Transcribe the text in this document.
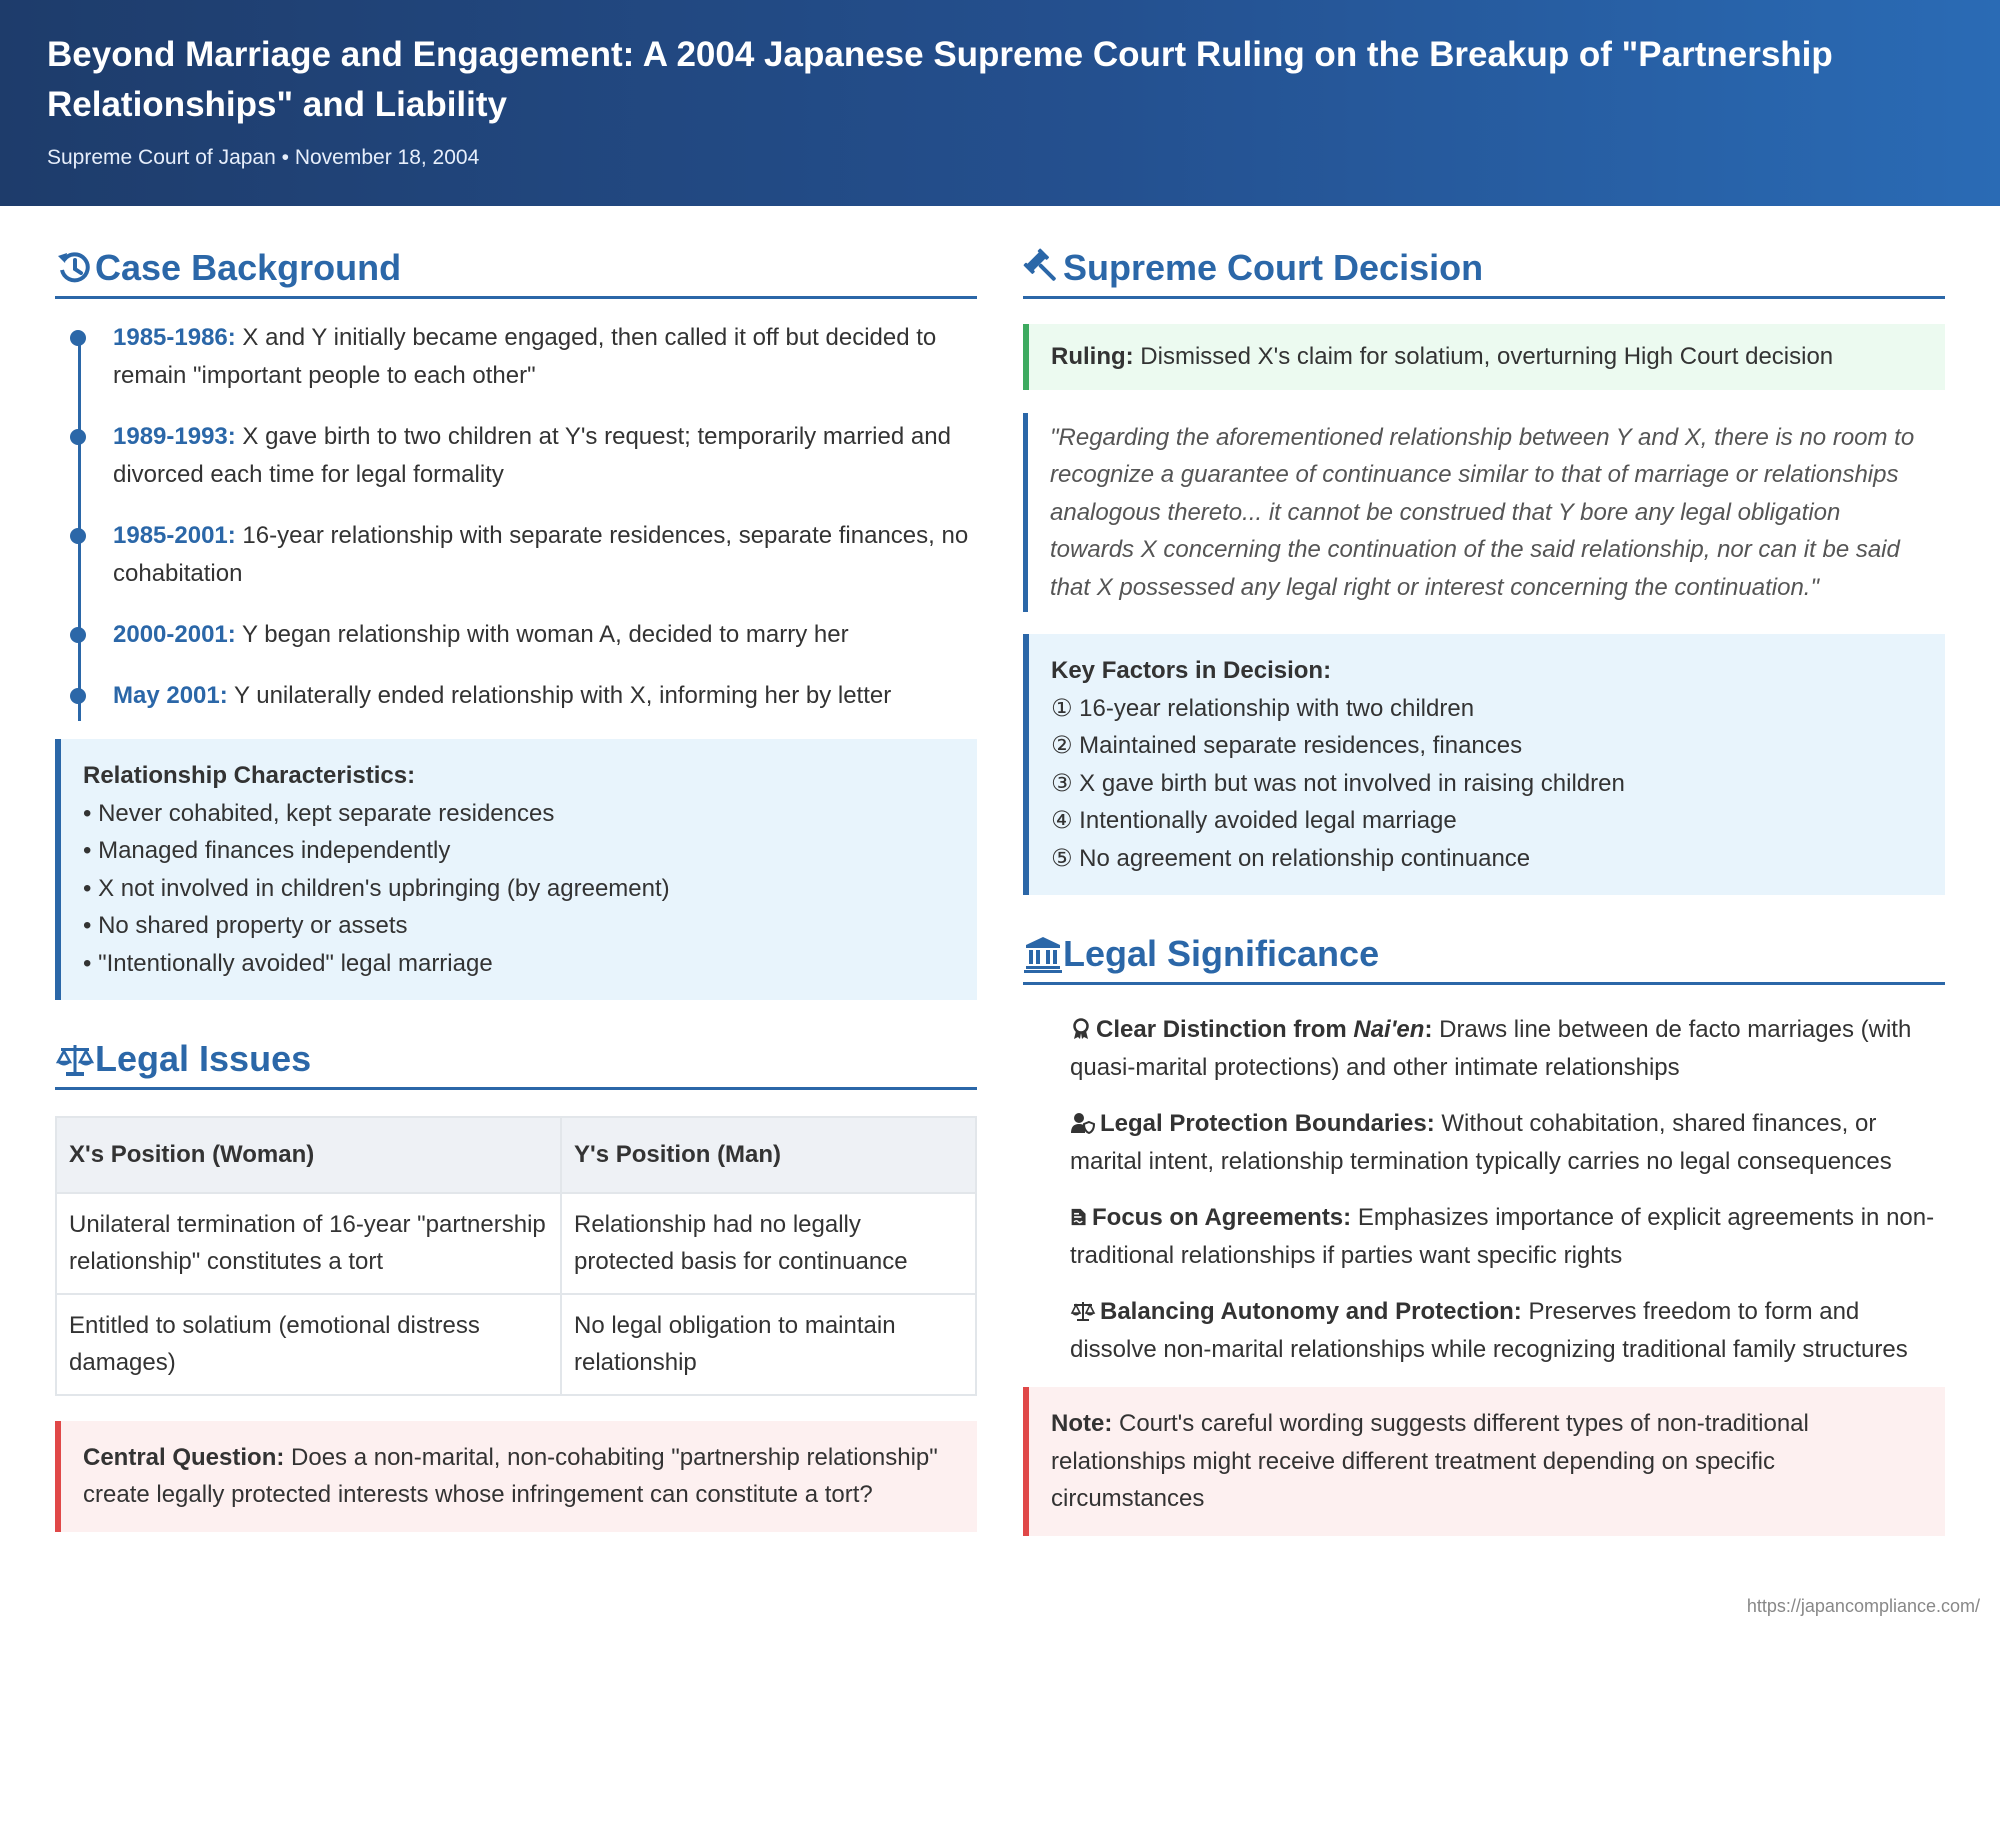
Beyond Marriage and Engagement: A 2004 Japanese Supreme Court Ruling on the Breakup of "Partnership Relationships" and Liability
Supreme Court of Japan • November 18, 2004
Case Background
1985-1986: X and Y initially became engaged, then called it off but decided to remain "important people to each other"
1989-1993: X gave birth to two children at Y's request; temporarily married and divorced each time for legal formality
1985-2001: 16-year relationship with separate residences, separate finances, no cohabitation
2000-2001: Y began relationship with woman A, decided to marry her
May 2001: Y unilaterally ended relationship with X, informing her by letter
Relationship Characteristics:
• Never cohabited, kept separate residences
• Managed finances independently
• X not involved in children's upbringing (by agreement)
• No shared property or assets
• "Intentionally avoided" legal marriage
Legal Issues
X's Position (Woman)	Y's Position (Man)
Unilateral termination of 16-year "partnership relationship" constitutes a tort	Relationship had no legally protected basis for continuance
Entitled to solatium (emotional distress damages)	No legal obligation to maintain relationship
Central Question: Does a non-marital, non-cohabiting "partnership relationship" create legally protected interests whose infringement can constitute a tort?
Supreme Court Decision
Ruling: Dismissed X's claim for solatium, overturning High Court decision
"Regarding the aforementioned relationship between Y and X, there is no room to recognize a guarantee of continuance similar to that of marriage or relationships analogous thereto... it cannot be construed that Y bore any legal obligation towards X concerning the continuation of the said relationship, nor can it be said that X possessed any legal right or interest concerning the continuation."
Key Factors in Decision:
① 16-year relationship with two children
② Maintained separate residences, finances
③ X gave birth but was not involved in raising children
④ Intentionally avoided legal marriage
⑤ No agreement on relationship continuance
Legal Significance
Clear Distinction from Nai'en: Draws line between de facto marriages (with quasi-marital protections) and other intimate relationships
Legal Protection Boundaries: Without cohabitation, shared finances, or marital intent, relationship termination typically carries no legal consequences
Focus on Agreements: Emphasizes importance of explicit agreements in non-traditional relationships if parties want specific rights
Balancing Autonomy and Protection: Preserves freedom to form and dissolve non-marital relationships while recognizing traditional family structures
Note: Court's careful wording suggests different types of non-traditional relationships might receive different treatment depending on specific circumstances
https://japancompliance.com/
